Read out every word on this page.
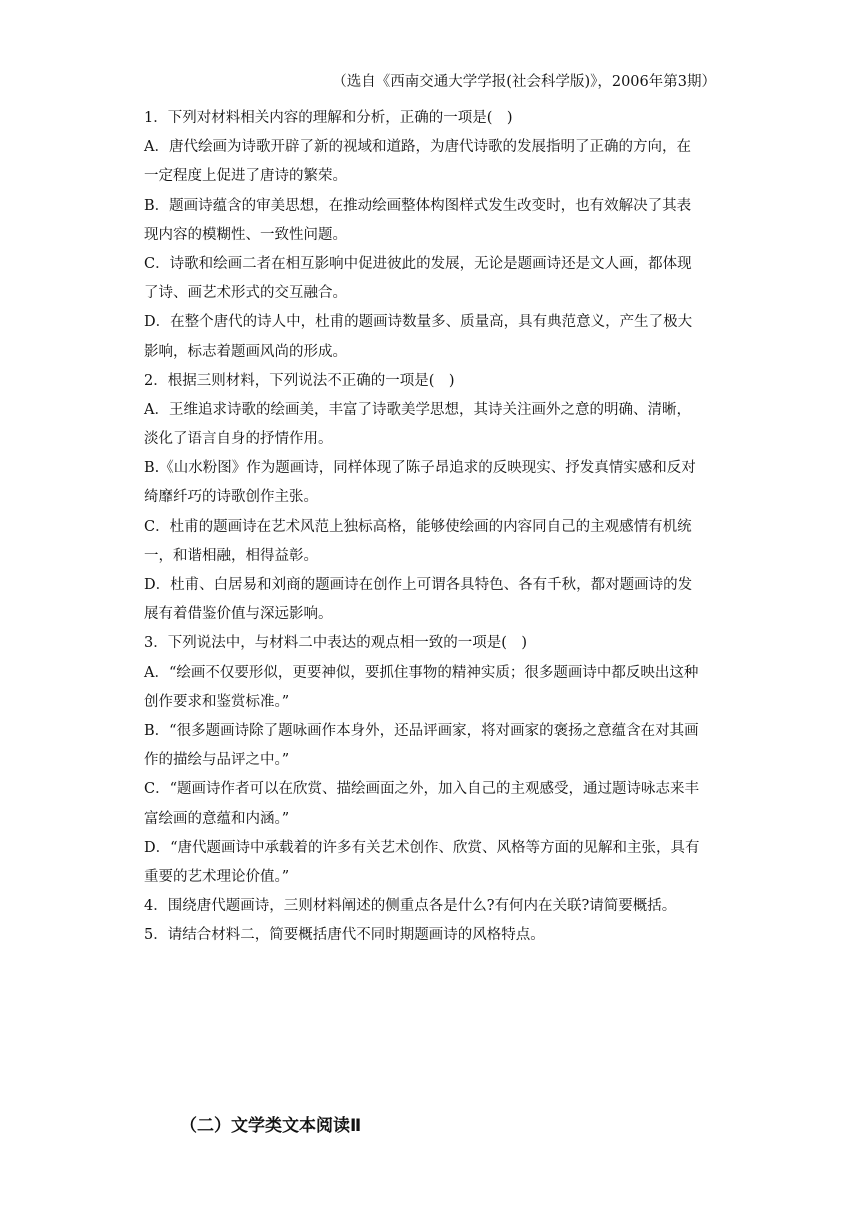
（选自《西南交通大学学报(社会科学版)》，2006年第3期）

1．下列对材料相关内容的理解和分析，正确的一项是(　)

A．唐代绘画为诗歌开辟了新的视域和道路，为唐代诗歌的发展指明了正确的方向，在

一定程度上促进了唐诗的繁荣。

B．题画诗蕴含的审美思想，在推动绘画整体构图样式发生改变时，也有效解决了其表

现内容的模糊性、一致性问题。

C．诗歌和绘画二者在相互影响中促进彼此的发展，无论是题画诗还是文人画，都体现

了诗、画艺术形式的交互融合。

D．在整个唐代的诗人中，杜甫的题画诗数量多、质量高，具有典范意义，产生了极大

影响，标志着题画风尚的形成。

2．根据三则材料，下列说法不正确的一项是(　)

A．王维追求诗歌的绘画美，丰富了诗歌美学思想，其诗关注画外之意的明确、清晰，

淡化了语言自身的抒情作用。

B.《山水粉图》作为题画诗，同样体现了陈子昂追求的反映现实、抒发真情实感和反对

绮靡纤巧的诗歌创作主张。

C．杜甫的题画诗在艺术风范上独标高格，能够使绘画的内容同自己的主观感情有机统

一，和谐相融，相得益彰。

D．杜甫、白居易和刘商的题画诗在创作上可谓各具特色、各有千秋，都对题画诗的发

展有着借鉴价值与深远影响。

3．下列说法中，与材料二中表达的观点相一致的一项是(　)

A．“绘画不仅要形似，更要神似，要抓住事物的精神实质；很多题画诗中都反映出这种

创作要求和鉴赏标准。”

B．“很多题画诗除了题咏画作本身外，还品评画家，将对画家的褒扬之意蕴含在对其画

作的描绘与品评之中。”

C．“题画诗作者可以在欣赏、描绘画面之外，加入自己的主观感受，通过题诗咏志来丰

富绘画的意蕴和内涵。”

D．“唐代题画诗中承载着的许多有关艺术创作、欣赏、风格等方面的见解和主张，具有

重要的艺术理论价值。”

4．围绕唐代题画诗，三则材料阐述的侧重点各是什么?有何内在关联?请简要概括。

5．请结合材料二，简要概括唐代不同时期题画诗的风格特点。

（二）文学类文本阅读Ⅱ
